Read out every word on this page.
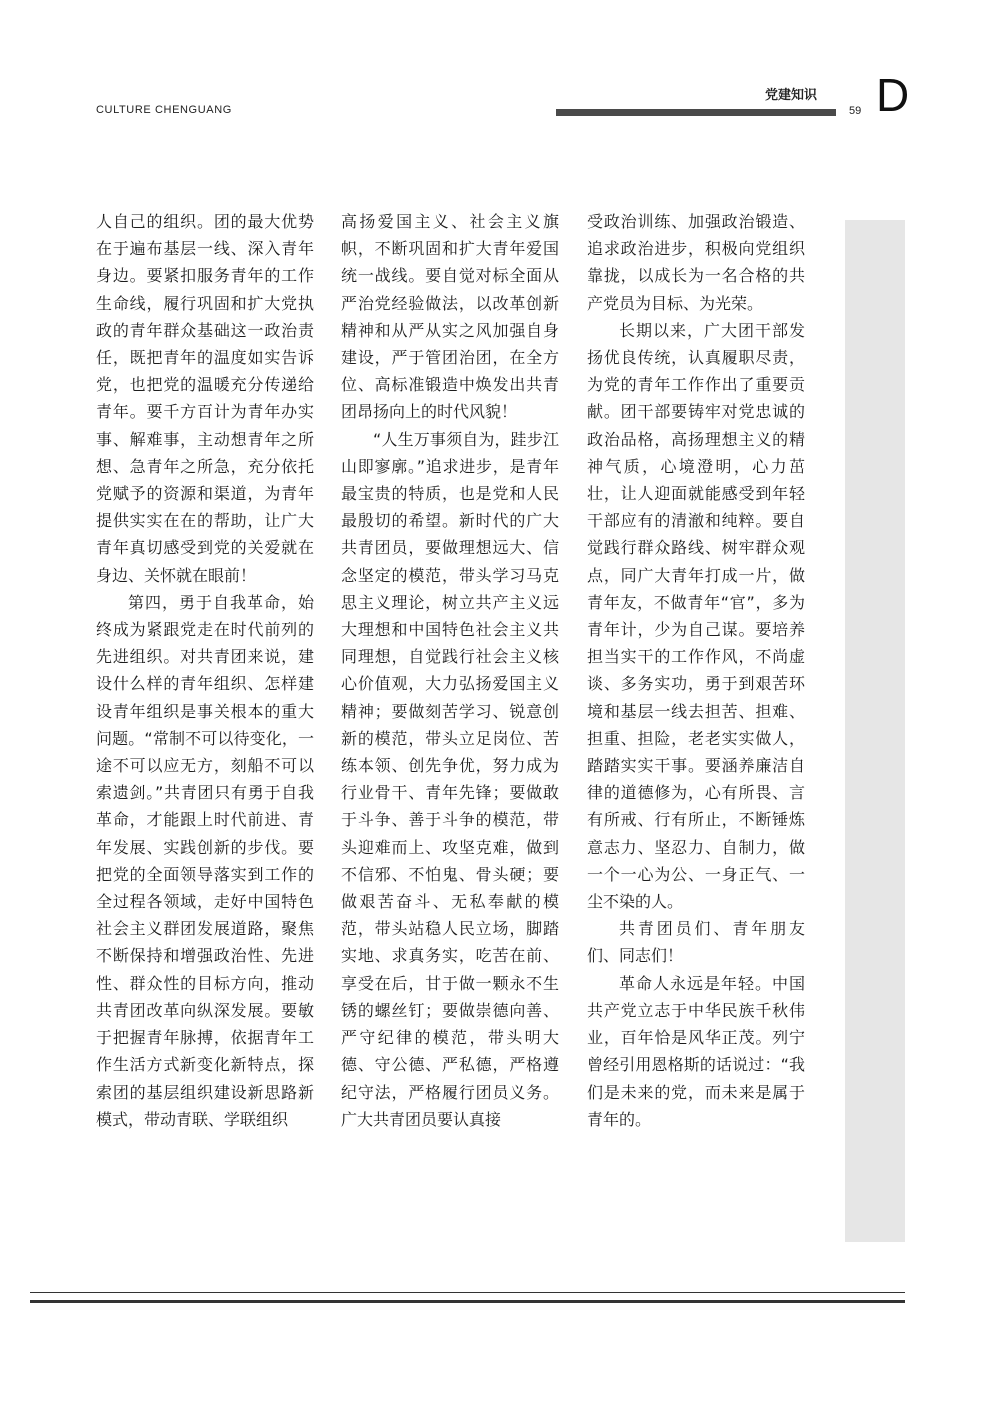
CULTURE CHENGUANG
党建知识
59 D

人自己的组织。团的最大优势在于遍布基层一线、深入青年身边。要紧扣服务青年的工作生命线，履行巩固和扩大党执政的青年群众基础这一政治责任，既把青年的温度如实告诉党，也把党的温暖充分传递给青年。要千方百计为青年办实事、解难事，主动想青年之所想、急青年之所急，充分依托党赋予的资源和渠道，为青年提供实实在在的帮助，让广大青年真切感受到党的关爱就在身边、关怀就在眼前！

第四，勇于自我革命，始终成为紧跟党走在时代前列的先进组织。对共青团来说，建设什么样的青年组织、怎样建设青年组织是事关根本的重大问题。“常制不可以待变化，一途不可以应无方，刻船不可以索遗剑。”共青团只有勇于自我革命，才能跟上时代前进、青年发展、实践创新的步伐。要把党的全面领导落实到工作的全过程各领域，走好中国特色社会主义群团发展道路，聚焦不断保持和增强政治性、先进性、群众性的目标方向，推动共青团改革向纵深发展。要敏于把握青年脉搏，依据青年工作生活方式新变化新特点，探索团的基层组织建设新思路新模式，带动青联、学联组织

高扬爱国主义、社会主义旗帜，不断巩固和扩大青年爱国统一战线。要自觉对标全面从严治党经验做法，以改革创新精神和从严从实之风加强自身建设，严于管团治团，在全方位、高标准锻造中焕发出共青团昂扬向上的时代风貌！

“人生万事须自为，跬步江山即寥廓。”追求进步，是青年最宝贵的特质，也是党和人民最殷切的希望。新时代的广大共青团员，要做理想远大、信念坚定的模范，带头学习马克思主义理论，树立共产主义远大理想和中国特色社会主义共同理想，自觉践行社会主义核心价值观，大力弘扬爱国主义精神；要做刻苦学习、锐意创新的模范，带头立足岗位、苦练本领、创先争优，努力成为行业骨干、青年先锋；要做敢于斗争、善于斗争的模范，带头迎难而上、攻坚克难，做到不信邪、不怕鬼、骨头硬；要做艰苦奋斗、无私奉献的模范，带头站稳人民立场，脚踏实地、求真务实，吃苦在前、享受在后，甘于做一颗永不生锈的螺丝钉；要做崇德向善、严守纪律的模范，带头明大德、守公德、严私德，严格遵纪守法，严格履行团员义务。广大共青团员要认真接

受政治训练、加强政治锻造、追求政治进步，积极向党组织靠拢，以成长为一名合格的共产党员为目标、为光荣。

长期以来，广大团干部发扬优良传统，认真履职尽责，为党的青年工作作出了重要贡献。团干部要铸牢对党忠诚的政治品格，高扬理想主义的精神气质，心境澄明，心力茁壮，让人迎面就能感受到年轻干部应有的清澈和纯粹。要自觉践行群众路线、树牢群众观点，同广大青年打成一片，做青年友，不做青年“官”，多为青年计，少为自己谋。要培养担当实干的工作作风，不尚虚谈、多务实功，勇于到艰苦环境和基层一线去担苦、担难、担重、担险，老老实实做人，踏踏实实干事。要涵养廉洁自律的道德修为，心有所畏、言有所戒、行有所止，不断锤炼意志力、坚忍力、自制力，做一个一心为公、一身正气、一尘不染的人。

共青团员们、青年朋友们、同志们！

革命人永远是年轻。中国共产党立志于中华民族千秋伟业，百年恰是风华正茂。列宁曾经引用恩格斯的话说过：“我们是未来的党，而未来是属于青年的。
